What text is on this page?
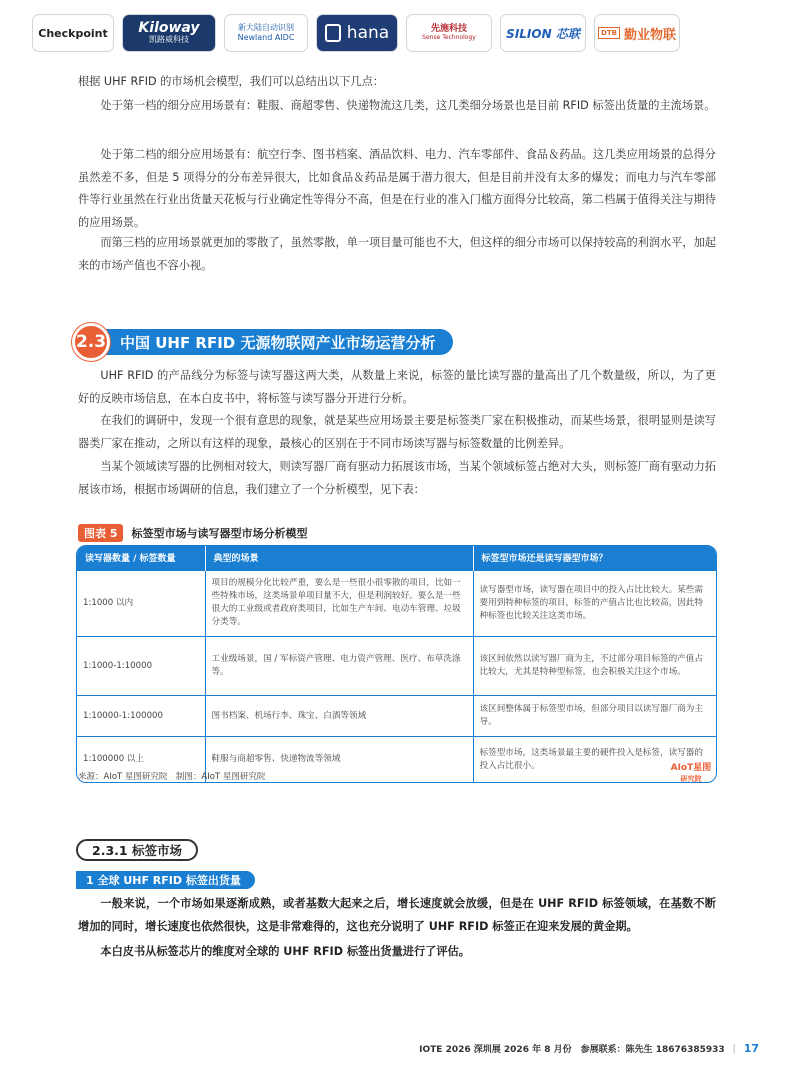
Checkpoint Kiloway
凯路威科技
新大陆自动识别
Newland AIDC	hana	先施科技
Sense Technology	SILION 芯联	DTB 勤业物联

根据 UHF RFID 的市场机会模型，我们可以总结出以下几点：

处于第一档的细分应用场景有：鞋服、商超零售、快递物流这几类，这几类细分场景也是目前 RFID 标签出货量的主流场景。

处于第二档的细分应用场景有：航空行李、图书档案、酒品饮料、电力、汽车零部件、食品＆药品。这几类应用场景的总得分虽然差不多，但是 5 项得分的分布差异很大，比如食品＆药品是属于潜力很大，但是目前并没有太多的爆发；而电力与汽车零部件等行业虽然在行业出货量天花板与行业确定性等得分不高，但是在行业的准入门槛方面得分比较高，第二档属于值得关注与期待的应用场景。

而第三档的应用场景就更加的零散了，虽然零散，单一项目量可能也不大，但这样的细分市场可以保持较高的利润水平，加起来的市场产值也不容小视。

2.3 中国 UHF RFID 无源物联网产业市场运营分析

UHF RFID 的产品线分为标签与读写器这两大类，从数量上来说，标签的量比读写器的量高出了几个数量级，所以，为了更好的反映市场信息，在本白皮书中，将标签与读写器分开进行分析。

在我们的调研中，发现一个很有意思的现象，就是某些应用场景主要是标签类厂家在积极推动，而某些场景，很明显则是读写器类厂家在推动，之所以有这样的现象，最核心的区别在于不同市场读写器与标签数量的比例差异。

当某个领域读写器的比例相对较大，则读写器厂商有驱动力拓展该市场，当某个领域标签占绝对大头，则标签厂商有驱动力拓展该市场，根据市场调研的信息，我们建立了一个分析模型，见下表：

图表 5	标签型市场与读写器型市场分析模型
读写器数量 / 标签数量	典型的场景	标签型市场还是读写器型市场？
1:1000 以内	项目的规模分化比较严重，要么是一些很小很零散的项目，比如一些特殊市场，这类场景单项目量不大，但是利润较好。要么是一些很大的工业级或者政府类项目，比如生产车间、电动车管理、垃圾分类等。	读写器型市场，读写器在项目中的投入占比比较大。某些需要用到特种标签的项目，标签的产值占比也比较高，因此特种标签也比较关注这类市场。
1:1000-1:10000	工业级场景，国 / 军标资产管理、电力资产管理、医疗、布草洗涤等。	该区间依然以读写器厂商为主，不过部分项目标签的产值占比较大，尤其是特种型标签，也会积极关注这个市场。
1:10000-1:100000	图书档案、机场行李、珠宝、白酒等领域	该区间整体属于标签型市场，但部分项目以读写器厂商为主导。
1:100000 以上	鞋服与商超零售、快递物流等领域	标签型市场，这类场景最主要的硬件投入是标签，读写器的投入占比很小。
来源：AIoT 星图研究院　制图：AIoT 星图研究院
AIoT星图
研究院
2.3.1 标签市场
1 全球 UHF RFID 标签出货量

一般来说，一个市场如果逐渐成熟，或者基数大起来之后，增长速度就会放缓，但是在 UHF RFID 标签领域，在基数不断增加的同时，增长速度也依然很快，这是非常难得的，这也充分说明了 UHF RFID 标签正在迎来发展的黄金期。

本白皮书从标签芯片的维度对全球的 UHF RFID 标签出货量进行了评估。

IOTE 2026 深圳展 2026 年 8 月份　参展联系：陈先生 18676385933 | 17
